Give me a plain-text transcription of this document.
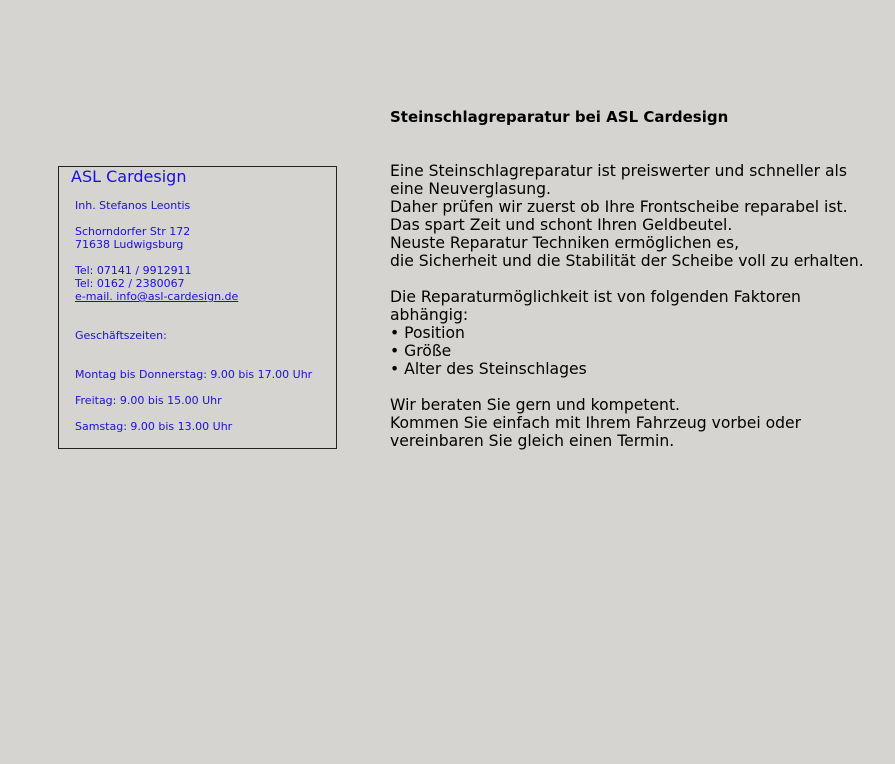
ASL Cardesign
Inh. Stefanos Leontis
Schorndorfer Str 172
71638 Ludwigsburg
Tel: 07141 / 9912911
Tel: 0162 / 2380067
e-mail. info@asl-cardesign.de
Geschäftszeiten:
Montag bis Donnerstag: 9.00 bis 17.00 Uhr
Freitag: 9.00 bis 15.00 Uhr
Samstag: 9.00 bis 13.00 Uhr
Steinschlagreparatur bei ASL Cardesign
Eine Steinschlagreparatur ist preiswerter und schneller als
eine Neuverglasung.
Daher prüfen wir zuerst ob Ihre Frontscheibe reparabel ist.
Das spart Zeit und schont Ihren Geldbeutel.
Neuste Reparatur Techniken ermöglichen es,
die Sicherheit und die Stabilität der Scheibe voll zu erhalten.
Die Reparaturmöglichkeit ist von folgenden Faktoren
abhängig:
• Position
• Größe
• Alter des Steinschlages
Wir beraten Sie gern und kompetent.
Kommen Sie einfach mit Ihrem Fahrzeug vorbei oder
vereinbaren Sie gleich einen Termin.
